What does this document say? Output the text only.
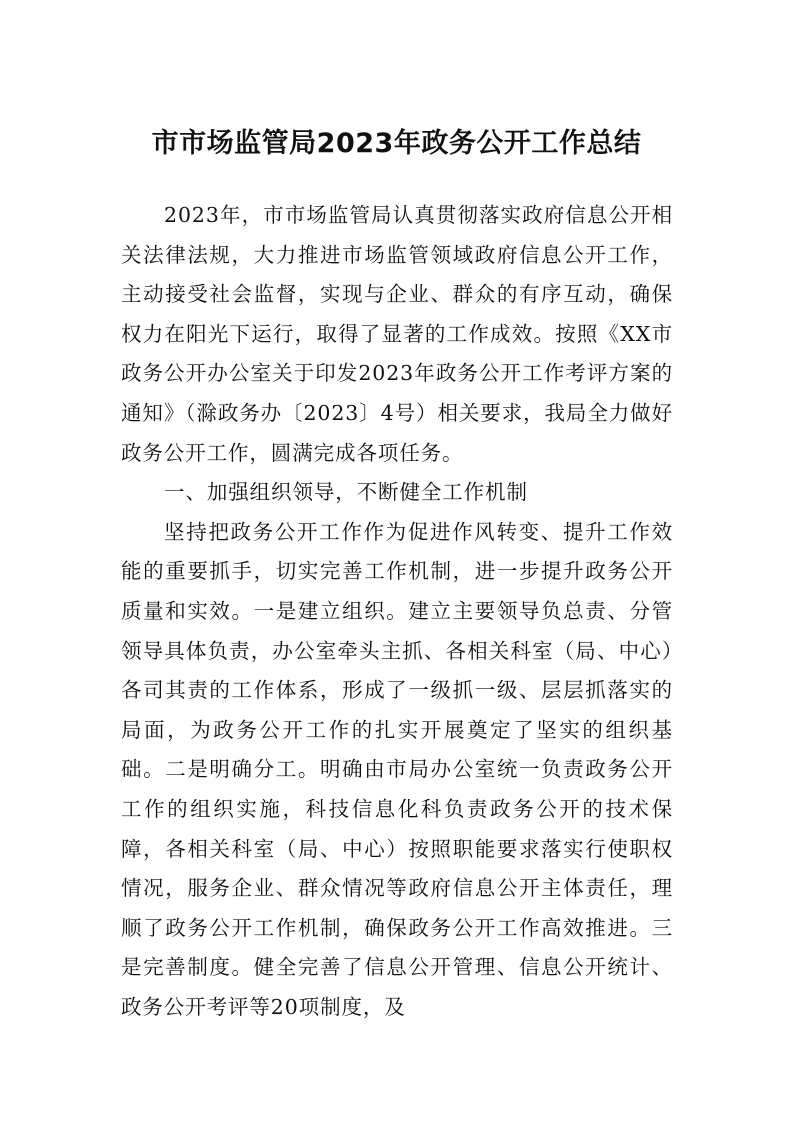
市市场监管局2023年政务公开工作总结

2023年，市市场监管局认真贯彻落实政府信息公开相关法律法规，大力推进市场监管领域政府信息公开工作，主动接受社会监督，实现与企业、群众的有序互动，确保权力在阳光下运行，取得了显著的工作成效。按照《XX市政务公开办公室关于印发2023年政务公开工作考评方案的通知》（滁政务办〔2023〕4号）相关要求，我局全力做好政务公开工作，圆满完成各项任务。

一、加强组织领导，不断健全工作机制

坚持把政务公开工作作为促进作风转变、提升工作效能的重要抓手，切实完善工作机制，进一步提升政务公开质量和实效。一是建立组织。建立主要领导负总责、分管领导具体负责，办公室牵头主抓、各相关科室（局、中心）各司其责的工作体系，形成了一级抓一级、层层抓落实的局面，为政务公开工作的扎实开展奠定了坚实的组织基础。二是明确分工。明确由市局办公室统一负责政务公开工作的组织实施，科技信息化科负责政务公开的技术保障，各相关科室（局、中心）按照职能要求落实行使职权情况，服务企业、群众情况等政府信息公开主体责任，理顺了政务公开工作机制，确保政务公开工作高效推进。三是完善制度。健全完善了信息公开管理、信息公开统计、政务公开考评等20项制度，及
